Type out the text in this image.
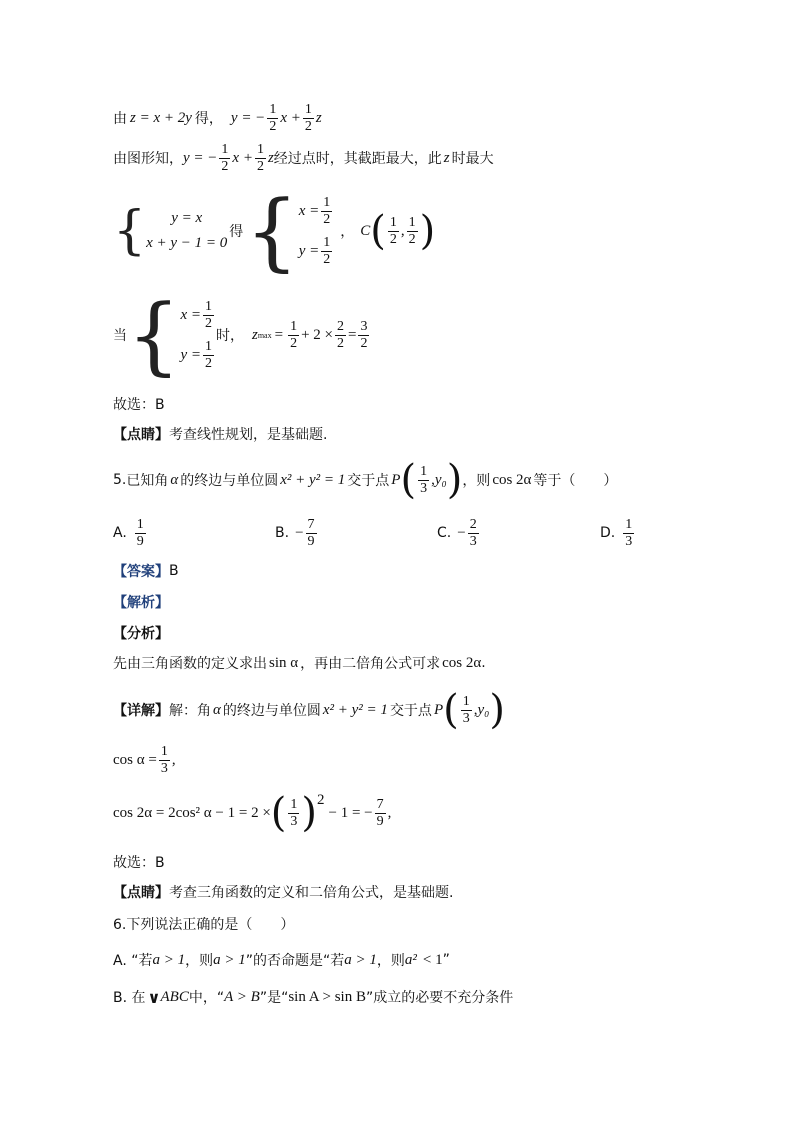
由 z = x + 2y 得， y = − $\frac{1}{2}$ $x + \frac{1}{2}$ z
由图形知， y = − $\frac{1}{2}$ $x + \frac{1}{2}$ z 经过点时，其截距最大，此 z 时最大
{ y = x
x + y − 1 = 0
得 { $x = \frac{1}{2}$
$y = \frac{1}{2}$
， C ( $\frac{1}{2}$ , $\frac{1}{2}$ )
当 { $x = \frac{1}{2}$
$y = \frac{1}{2}$
时， z $\max = \frac{1}{2} + 2 \times \frac{2}{2} = \frac{3}{2}$
故选：B
【点睛】 考查线性规划，是基础题.
5. 已知角 α 的终边与单位圆 x² + y² = 1 交于点 P ( $\frac{1}{3}$ , y₀ ) ，则 cos 2α 等于（　　）
A. $\frac{1}{9}$	B. − $\frac{7}{9}$	C. − $\frac{2}{3}$	D. $\frac{1}{3}$
【答案】 B
【解析】
【分析】
先由三角函数的定义求出 sin α ，再由二倍角公式可求 cos 2α .
【详解】 解：角 α 的终边与单位圆 x² + y² = 1 交于点 P ( $\frac{1}{3}$ , y₀ )
$\cos \alpha = \frac{1}{3}$ ,
cos 2α = 2cos² α − 1 = 2 × ( $\frac{1}{3}$ ) 2
− 1 = − $\frac{7}{9}$ ,
故选：B
【点睛】 考查三角函数的定义和二倍角公式，是基础题.
6.下列说法正确的是（　　）
A. “若 a > 1 ，则 a > 1 ”的否命题是“若 a > 1 ，则 a² < 1 ”
B. 在 ∨ ABC 中，“ A > B ”是“ sin A > sin B ”成立的必要不充分条件
